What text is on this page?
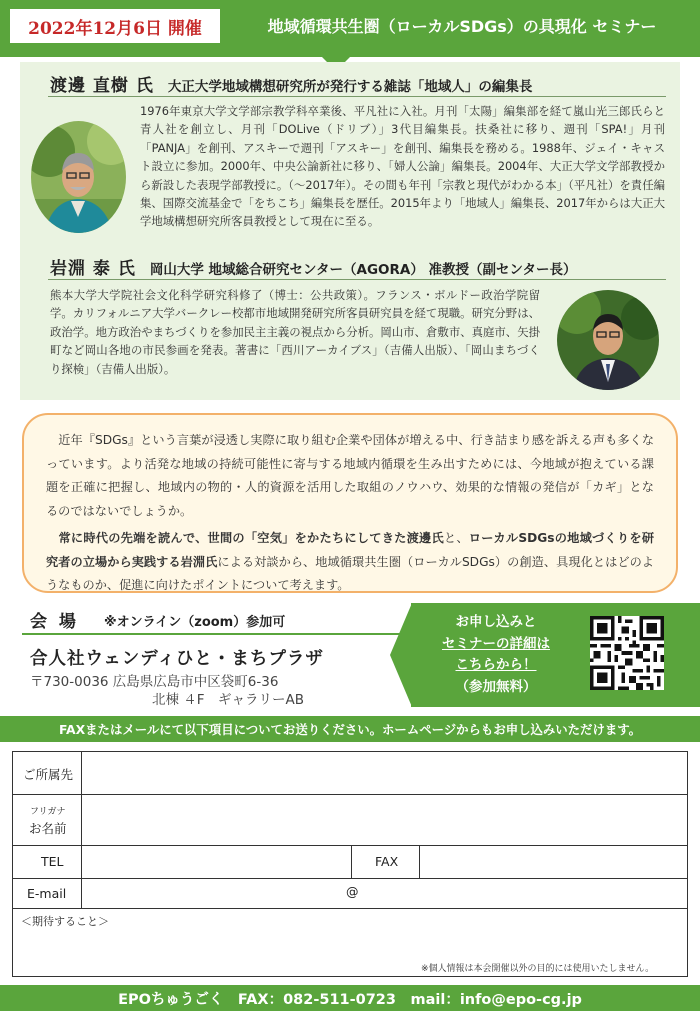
2022年12月6日 開催	地域循環共生圏（ローカルSDGs）の具現化 セミナー
渡邊 直樹 氏 大正大学地域構想研究所が発行する雑誌「地域人」の編集長
1976年東京大学文学部宗教学科卒業後、平凡社に入社。月刊「太陽」編集部を経て嵐山光三郎氏らと青人社を創立し、月刊「DOLive（ドリブ）」3代目編集長。扶桑社に移り、週刊「SPA!」月刊「PANJA」を創刊、アスキーで週刊「アスキー」を創刊、編集長を務める。1988年、ジェイ・キャスト設立に参加。2000年、中央公論新社に移り、「婦人公論」編集長。2004年、大正大学文学部教授から新設した表現学部教授に。（〜2017年）。その間も年刊「宗教と現代がわかる本」（平凡社）を責任編集、国際交流基金で「をちこち」編集長を歴任。2015年より「地域人」編集長、2017年からは大正大学地域構想研究所客員教授として現在に至る。
岩淵 泰 氏 岡山大学 地域総合研究センター（AGORA） 准教授（副センター長）
熊本大学大学院社会文化科学研究科修了（博士：公共政策）。フランス・ボルドー政治学院留学。カリフォルニア大学バークレー校都市地域開発研究所客員研究員を経て現職。研究分野は、 政治学。地方政治やまちづくりを参加民主主義の視点から分析。岡山市、倉敷市、真庭市、矢掛町など岡山各地の市民参画を発表。著書に「西川アーカイブス」（吉備人出版）、「岡山まちづくり探検」（吉備人出版）。

　近年『SDGs』という言葉が浸透し実際に取り組む企業や団体が増える中、行き詰まり感を訴える声も多くなっています。より活発な地域の持続可能性に寄与する地域内循環を生み出すためには、今地域が抱えている課題を正確に把握し、地域内の物的・人的資源を活用した取組のノウハウ、効果的な情報の発信が「カギ」となるのではないでしょうか。

　常に時代の先端を読んで、世間の「空気」をかたちにしてきた渡邊氏と、ローカルSDGsの地域づくりを研究者の立場から実践する岩淵氏による対談から、地域循環共生圏（ローカルSDGs）の創造、具現化とはどのようなものか、促進に向けたポイントについて考えます。

会 場 ※オンライン（zoom）参加可
合人社ウェンディひと・まちプラザ
〒730-0036 広島県広島市中区袋町6-36
北棟 ４F　ギャラリーAB
お申し込みと
セミナーの詳細は
こちらから！
（参加無料）
FAXまたはメールにて以下項目についてお送りください。ホームページからもお申し込みいただけます。
ご所属先
フリガナ
お名前
TEL	FAX
E-mail	@
＜期待すること＞
※個人情報は本会開催以外の目的には使用いたしません。
EPOちゅうごく　FAX：082-511-0723　mail：info@epo-cg.jp
